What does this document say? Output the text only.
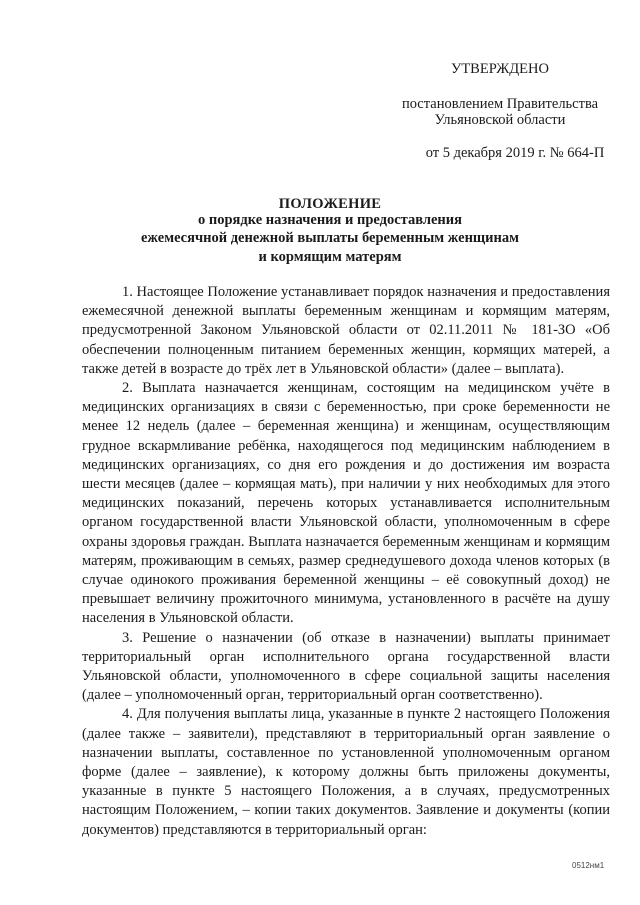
УТВЕРЖДЕНО
постановлением Правительства
Ульяновской области
от 5 декабря 2019 г. № 664-П
ПОЛОЖЕНИЕ
о порядке назначения и предоставления
ежемесячной денежной выплаты беременным женщинам
и кормящим матерям

1. Настоящее Положение устанавливает порядок назначения и предоставления ежемесячной денежной выплаты беременным женщинам и кормящим матерям, предусмотренной Законом Ульяновской области от 02.11.2011 № 181-ЗО «Об обеспечении полноценным питанием беременных женщин, кормящих матерей, а также детей в возрасте до трёх лет в Ульяновской области» (далее – выплата).

2. Выплата назначается женщинам, состоящим на медицинском учёте в медицинских организациях в связи с беременностью, при сроке беременности не менее 12 недель (далее – беременная женщина) и женщинам, осуществляющим грудное вскармливание ребёнка, находящегося под медицинским наблюдением в медицинских организациях, со дня его рождения и до достижения им возраста шести месяцев (далее – кормящая мать), при наличии у них необходимых для этого медицинских показаний, перечень которых устанавливается исполнительным органом государственной власти Ульяновской области, уполномоченным в сфере охраны здоровья граждан. Выплата назначается беременным женщинам и кормящим матерям, проживающим в семьях, размер среднедушевого дохода членов которых (в случае одинокого проживания беременной женщины – её совокупный доход) не превышает величину прожиточного минимума, установленного в расчёте на душу населения в Ульяновской области.

3. Решение о назначении (об отказе в назначении) выплаты принимает территориальный орган исполнительного органа государственной власти Ульяновской области, уполномоченного в сфере социальной защиты населения (далее – уполномоченный орган, территориальный орган соответственно).

4. Для получения выплаты лица, указанные в пункте 2 настоящего Положения (далее также – заявители), представляют в территориальный орган заявление о назначении выплаты, составленное по установленной уполномоченным органом форме (далее – заявление), к которому должны быть приложены документы, указанные в пункте 5 настоящего Положения, а в случаях, предусмотренных настоящим Положением, – копии таких документов. Заявление и документы (копии документов) представляются в территориальный орган:

0512нм1
